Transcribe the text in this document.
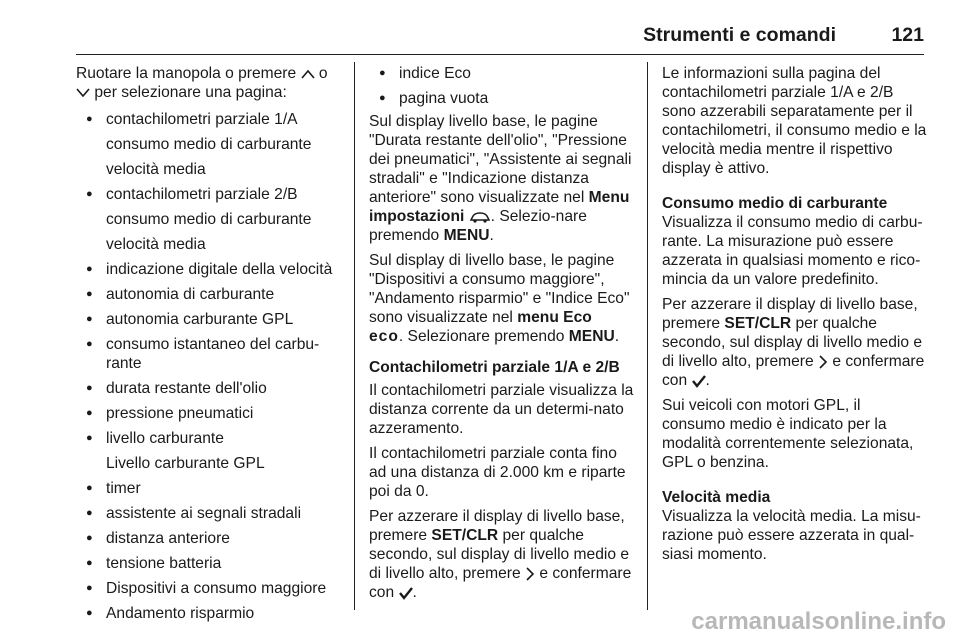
Strumenti e comandi	121

Ruotare la manopola o premere o
per selezionare una pagina:

● contachilometri parziale 1/A
consumo medio di carburante
velocità media
● contachilometri parziale 2/B
consumo medio di carburante
velocità media
● indicazione digitale della velocità
● autonomia di carburante
● autonomia carburante GPL
● consumo istantaneo del carbu-rante
● durata restante dell'olio
● pressione pneumatici
● livello carburante
Livello carburante GPL
● timer
● assistente ai segnali stradali
● distanza anteriore
● tensione batteria
● Dispositivi a consumo maggiore
● Andamento risparmio
● indice Eco
● pagina vuota

Sul display livello base, le pagine "Durata restante dell'olio", "Pressione dei pneumatici", "Assistente ai segnali stradali" e "Indicazione distanza anteriore" sono visualizzate nel Menu impostazioni . Selezio-nare premendo MENU.

Sul display di livello base, le pagine "Dispositivi a consumo maggiore", "Andamento risparmio" e "Indice Eco" sono visualizzate nel menu Eco
eco. Selezionare premendo MENU.

Contachilometri parziale 1/A e 2/B

Il contachilometri parziale visualizza la distanza corrente da un determi-nato azzeramento.

Il contachilometri parziale conta fino ad una distanza di 2.000 km e riparte poi da 0.

Per azzerare il display di livello base, premere SET/CLR per qualche secondo, sul display di livello medio e di livello alto, premere e confermare con .

Le informazioni sulla pagina del contachilometri parziale 1/A e 2/B sono azzerabili separatamente per il contachilometri, il consumo medio e la velocità media mentre il rispettivo display è attivo.

Consumo medio di carburante

Visualizza il consumo medio di carbu-rante. La misurazione può essere azzerata in qualsiasi momento e rico-mincia da un valore predefinito.

Per azzerare il display di livello base, premere SET/CLR per qualche secondo, sul display di livello medio e di livello alto, premere e confermare con .

Sui veicoli con motori GPL, il consumo medio è indicato per la modalità correntemente selezionata, GPL o benzina.

Velocità media

Visualizza la velocità media. La misu-razione può essere azzerata in qual-siasi momento.

carmanualsonline.info
